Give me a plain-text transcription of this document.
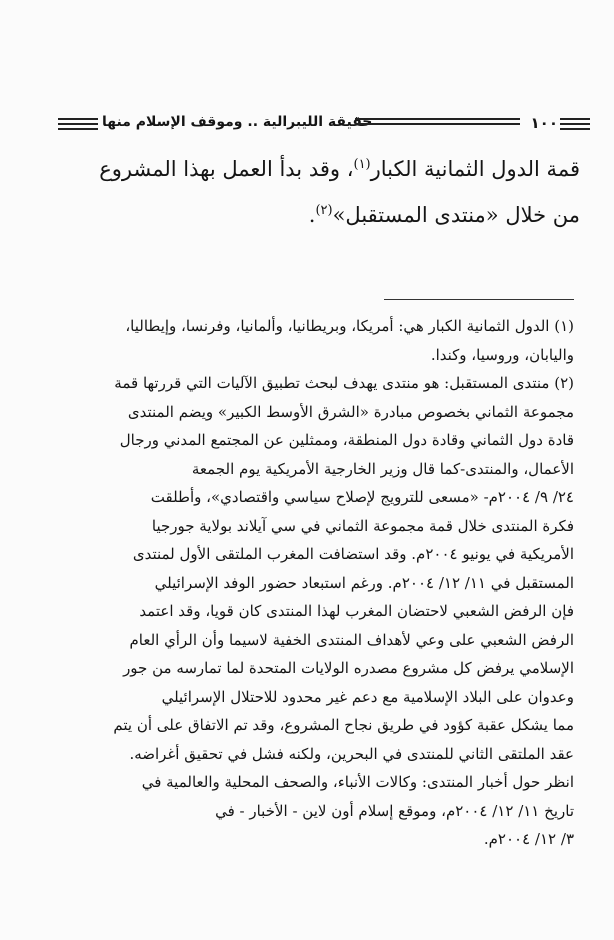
حقيقة الليبرالية .. وموقف الإسلام منها	١٠٠

قمة الدول الثمانية الكبار$^{(١)}$، وقد بدأ العمل بهذا المشروع

من خلال «منتدى المستقبل»$^{(٢)}$.

(١) الدول الثمانية الكبار هي: أمريكا، وبريطانيا، وألمانيا، وفرنسا، وإيطاليا،
واليابان، وروسيا، وكندا.
(٢) منتدى المستقبل: هو منتدى يهدف لبحث تطبيق الآليات التي قررتها قمة
مجموعة الثماني بخصوص مبادرة «الشرق الأوسط الكبير» ويضم المنتدى
قادة دول الثماني وقادة دول المنطقة، وممثلين عن المجتمع المدني ورجال
الأعمال، والمنتدى-كما قال وزير الخارجية الأمريكية يوم الجمعة
٢٤/ ٩/ ٢٠٠٤م- «مسعى للترويج لإصلاح سياسي واقتصادي»، وأطلقت
فكرة المنتدى خلال قمة مجموعة الثماني في سي آيلاند بولاية جورجيا
الأمريكية في يونيو ٢٠٠٤م. وقد استضافت المغرب الملتقى الأول لمنتدى
المستقبل في ١١/ ١٢/ ٢٠٠٤م. ورغم استبعاد حضور الوفد الإسرائيلي
فإن الرفض الشعبي لاحتضان المغرب لهذا المنتدى كان قويا، وقد اعتمد
الرفض الشعبي على وعي لأهداف المنتدى الخفية لاسيما وأن الرأي العام
الإسلامي يرفض كل مشروع مصدره الولايات المتحدة لما تمارسه من جور
وعدوان على البلاد الإسلامية مع دعم غير محدود للاحتلال الإسرائيلي
مما يشكل عقبة كؤود في طريق نجاح المشروع، وقد تم الاتفاق على أن يتم
عقد الملتقى الثاني للمنتدى في البحرين، ولكنه فشل في تحقيق أغراضه.
انظر حول أخبار المنتدى: وكالات الأنباء، والصحف المحلية والعالمية في
تاريخ ١١/ ١٢/ ٢٠٠٤م، وموقع إسلام أون لاين - الأخبار - في
٣/ ١٢/ ٢٠٠٤م.
